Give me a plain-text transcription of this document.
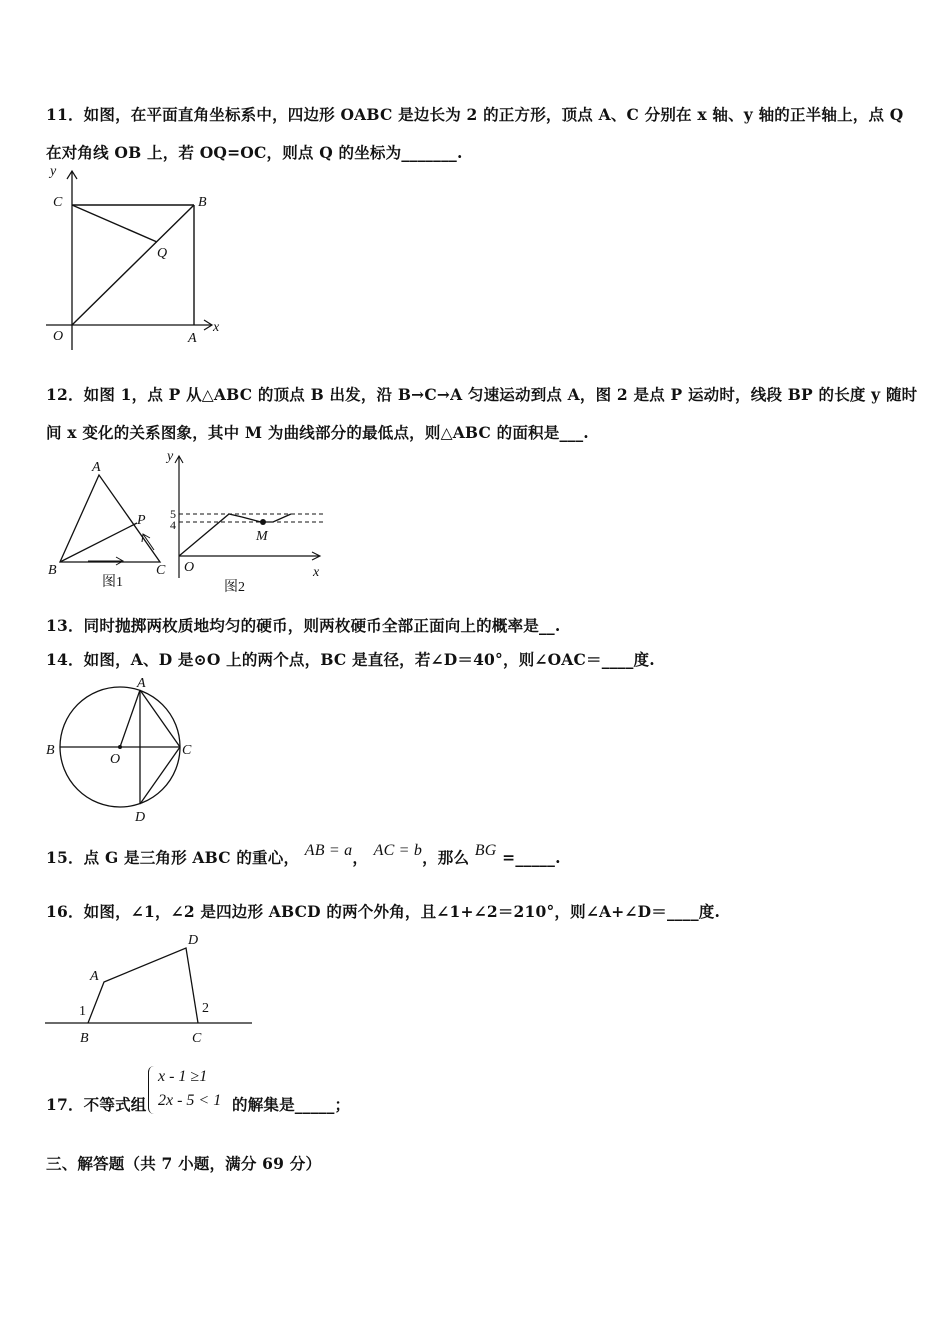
11．如图，在平面直角坐标系中，四边形 OABC 是边长为 2 的正方形，顶点 A、C 分别在 x 轴、y 轴的正半轴上，点 Q
在对角线 OB 上，若 OQ=OC，则点 Q 的坐标为_______.
y
C	B
Q
O	A
x
12．如图 1，点 P 从△ABC 的顶点 B 出发，沿 B→C→A 匀速运动到点 A，图 2 是点 P 运动时，线段 BP 的长度 y 随时
间 x 变化的关系图象，其中 M 为曲线部分的最低点，则△ABC 的面积是___.
A
P
B	C
图1
y
5
4
M
O	x
图2
13．同时抛掷两枚质地均匀的硬币，则两枚硬币全部正面向上的概率是__.
14．如图，A、D 是⊙O 上的两个点，BC 是直径，若∠D＝40°，则∠OAC＝____度.
A
B
O
C
D
15．点 G 是三角形 ABC 的重心， AB = a， AC = b，那么 BG =_____.
16．如图，∠1，∠2 是四边形 ABCD 的两个外角，且∠1+∠2＝210°，则∠A+∠D＝____度.
D
A
1	2
B	C
17．不等式组
x - 1 ≥1
2x - 5 < 1 的解集是_____；
三、解答题（共 7 小题，满分 69 分）
